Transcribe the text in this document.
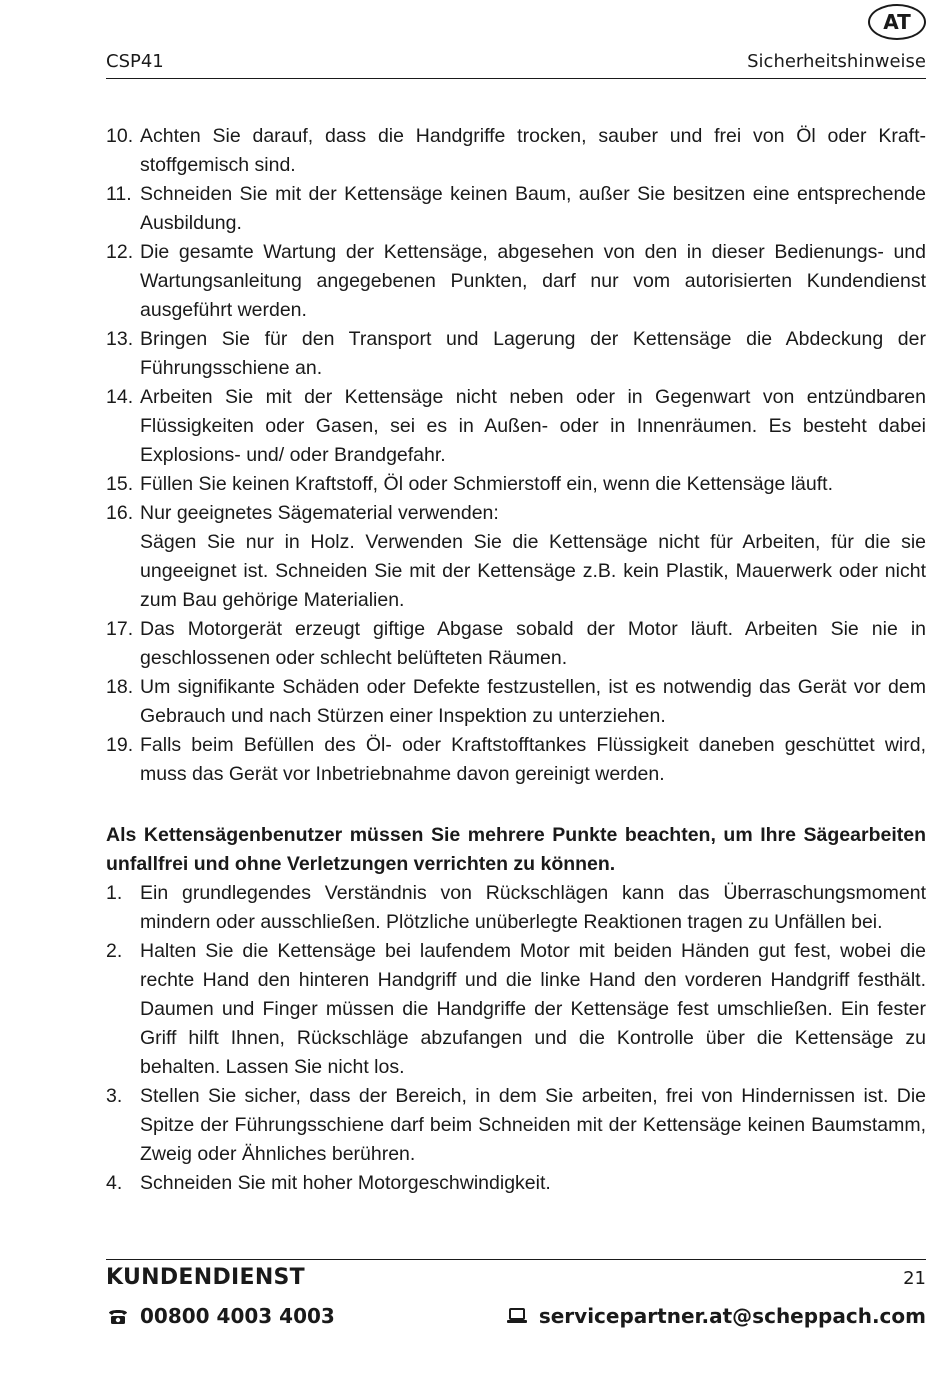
AT
CSP41	Sicherheitshinweise
10. Achten Sie darauf, dass die Handgriffe trocken, sauber und frei von Öl oder Kraftstoffgemisch sind.
11. Schneiden Sie mit der Kettensäge keinen Baum, außer Sie besitzen eine entsprechende Ausbildung.
12. Die gesamte Wartung der Kettensäge, abgesehen von den in dieser Bedienungs- und Wartungsanleitung angegebenen Punkten, darf nur vom autorisierten Kundendienst ausgeführt werden.
13. Bringen Sie für den Transport und Lagerung der Kettensäge die Abdeckung der Führungsschiene an.
14. Arbeiten Sie mit der Kettensäge nicht neben oder in Gegenwart von entzündbaren Flüssigkeiten oder Gasen, sei es in Außen- oder in Innenräumen. Es besteht dabei Explosions- und/ oder Brandgefahr.
15. Füllen Sie keinen Kraftstoff, Öl oder Schmierstoff ein, wenn die Kettensäge läuft.
16. Nur geeignetes Sägematerial verwenden:
Sägen Sie nur in Holz. Verwenden Sie die Kettensäge nicht für Arbeiten, für die sie ungeeignet ist. Schneiden Sie mit der Kettensäge z.B. kein Plastik, Mauerwerk oder nicht zum Bau gehörige Materialien.
17. Das Motorgerät erzeugt giftige Abgase sobald der Motor läuft. Arbeiten Sie nie in geschlossenen oder schlecht belüfteten Räumen.
18. Um signifikante Schäden oder Defekte festzustellen, ist es notwendig das Gerät vor dem Gebrauch und nach Stürzen einer Inspektion zu unterziehen.
19. Falls beim Befüllen des Öl- oder Kraftstofftankes Flüssigkeit daneben geschüttet wird, muss das Gerät vor Inbetriebnahme davon gereinigt werden.

Als Kettensägenbenutzer müssen Sie mehrere Punkte beachten, um Ihre Sägearbeiten unfallfrei und ohne Verletzungen verrichten zu können.

1. Ein grundlegendes Verständnis von Rückschlägen kann das Überraschungsmoment mindern oder ausschließen. Plötzliche unüberlegte Reaktionen tragen zu Unfällen bei.
2. Halten Sie die Kettensäge bei laufendem Motor mit beiden Händen gut fest, wobei die rechte Hand den hinteren Handgriff und die linke Hand den vorderen Handgriff festhält. Daumen und Finger müssen die Handgriffe der Kettensäge fest umschließen. Ein fester Griff hilft Ihnen, Rückschläge abzufangen und die Kontrolle über die Kettensäge zu behalten. Lassen Sie nicht los.
3. Stellen Sie sicher, dass der Bereich, in dem Sie arbeiten, frei von Hindernissen ist. Die Spitze der Führungsschiene darf beim Schneiden mit der Kettensäge keinen Baumstamm, Zweig oder Ähnliches berühren.
4. Schneiden Sie mit hoher Motorgeschwindigkeit.
KUNDENDIENST	21
00800 4003 4003	servicepartner.at@scheppach.com
